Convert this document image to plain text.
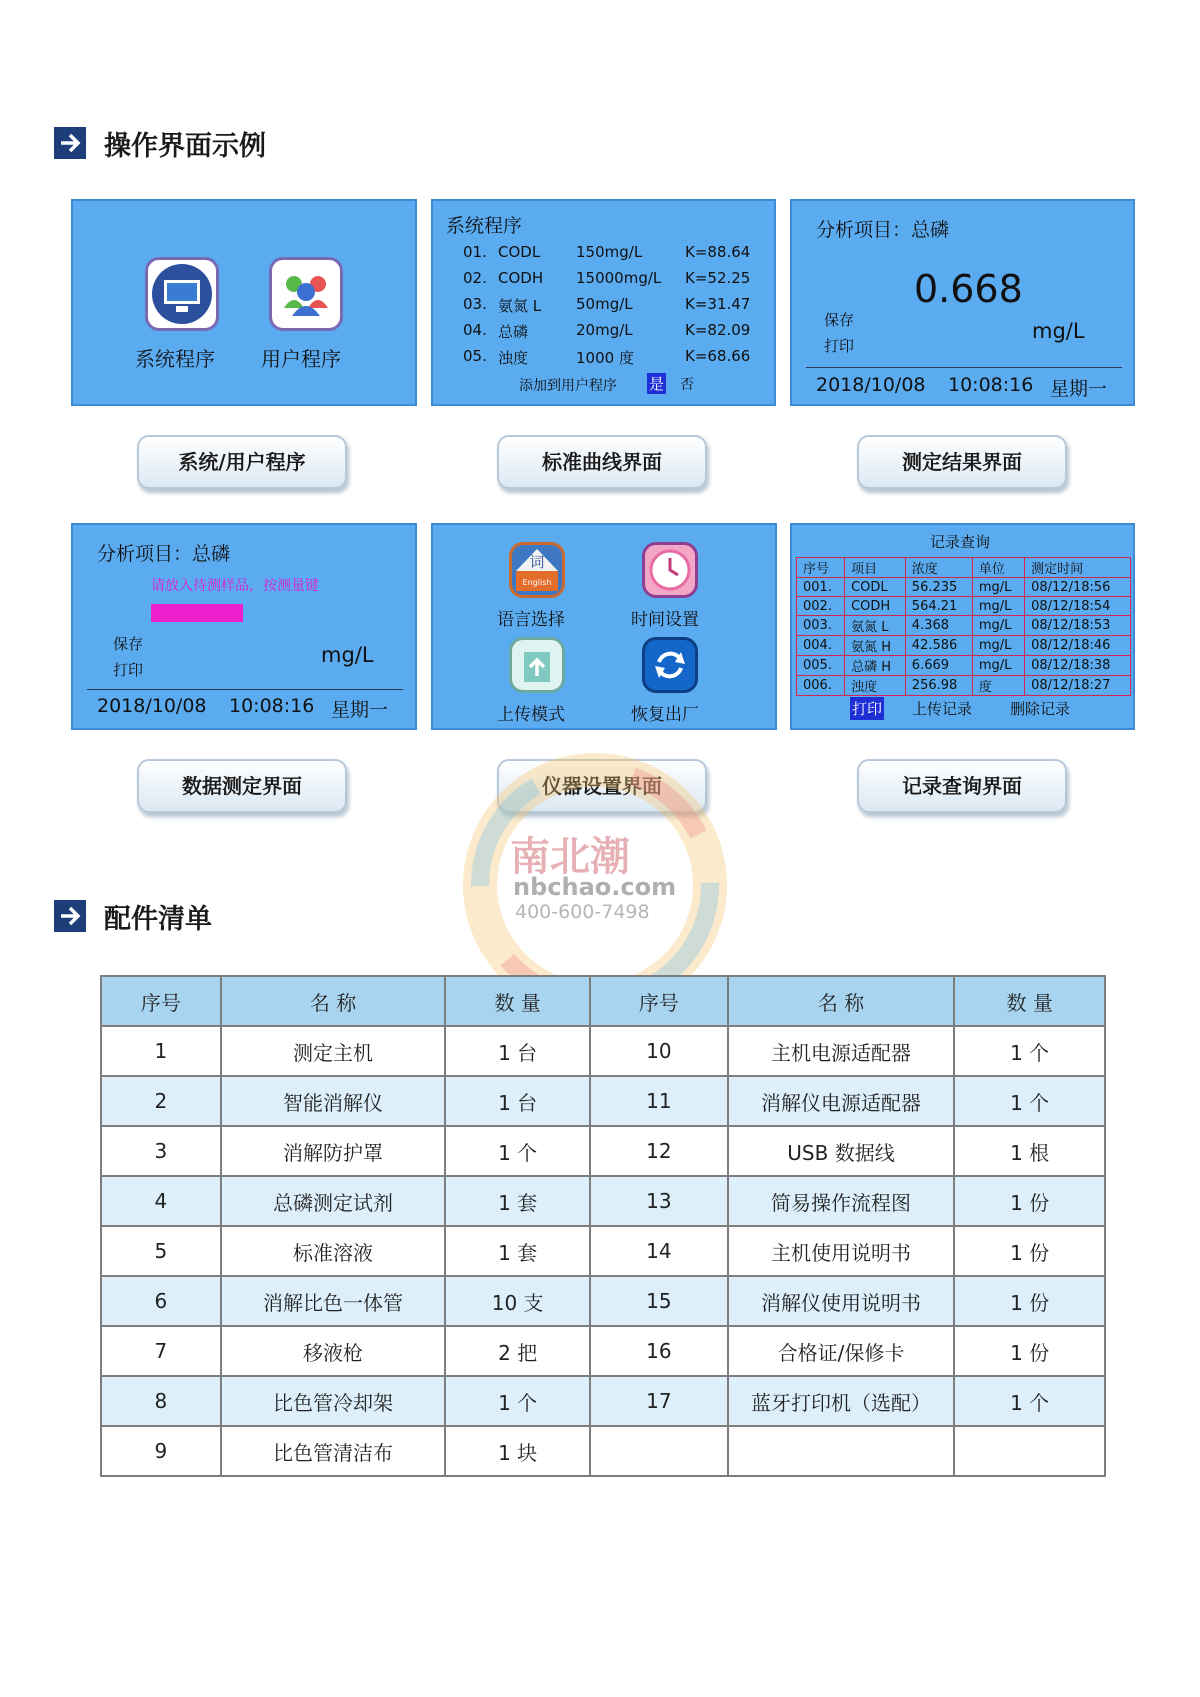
操作界面示例
系统程序 用户程序
系统程序
01. CODL 150mg/L	K=88.64
02. CODH 15000mg/L K=52.25
03. 氨氮 L 50mg/L	K=31.47
04. 总磷	20mg/L	K=82.09
05. 浊度	1000 度	K=68.66
添加到用户程序 是 否
分析项目：总磷
0.668
保存	mg/L
打印
2018/10/08 10:08:16 星期一
系统/用户程序	标准曲线界面	测定结果界面
分析项目：总磷
请放入待测样品，按测量键
保存	mg/L
打印
2018/10/08 10:08:16 星期一
词
English
语言选择	时间设置
上传模式	恢复出厂
记录查询
序号	项目	浓度	单位	测定时间
001.	CODL	56.235	mg/L	08/12/18:56
002.	CODH	564.21	mg/L	08/12/18:54
003.	氨氮 L	4.368	mg/L	08/12/18:53
004.	氨氮 H	42.586	mg/L	08/12/18:46
005.	总磷 H	6.669	mg/L	08/12/18:38
006.	浊度	256.98	度	08/12/18:27
打印 上传记录	删除记录
数据测定界面	仪器设置界面	记录查询界面
南北潮
nbchao.com
400-600-7498
配件清单
序号	名 称	数 量	序号	名 称	数 量
1	测定主机	1 台	10	主机电源适配器	1 个
2	智能消解仪	1 台	11	消解仪电源适配器	1 个
3	消解防护罩	1 个	12	USB 数据线	1 根
4	总磷测定试剂	1 套	13	简易操作流程图	1 份
5	标准溶液	1 套	14	主机使用说明书	1 份
6	消解比色一体管	10 支	15	消解仪使用说明书	1 份
7	移液枪	2 把	16	合格证/保修卡	1 份
8	比色管冷却架	1 个	17	蓝牙打印机（选配）	1 个
9	比色管清洁布	1 块			
